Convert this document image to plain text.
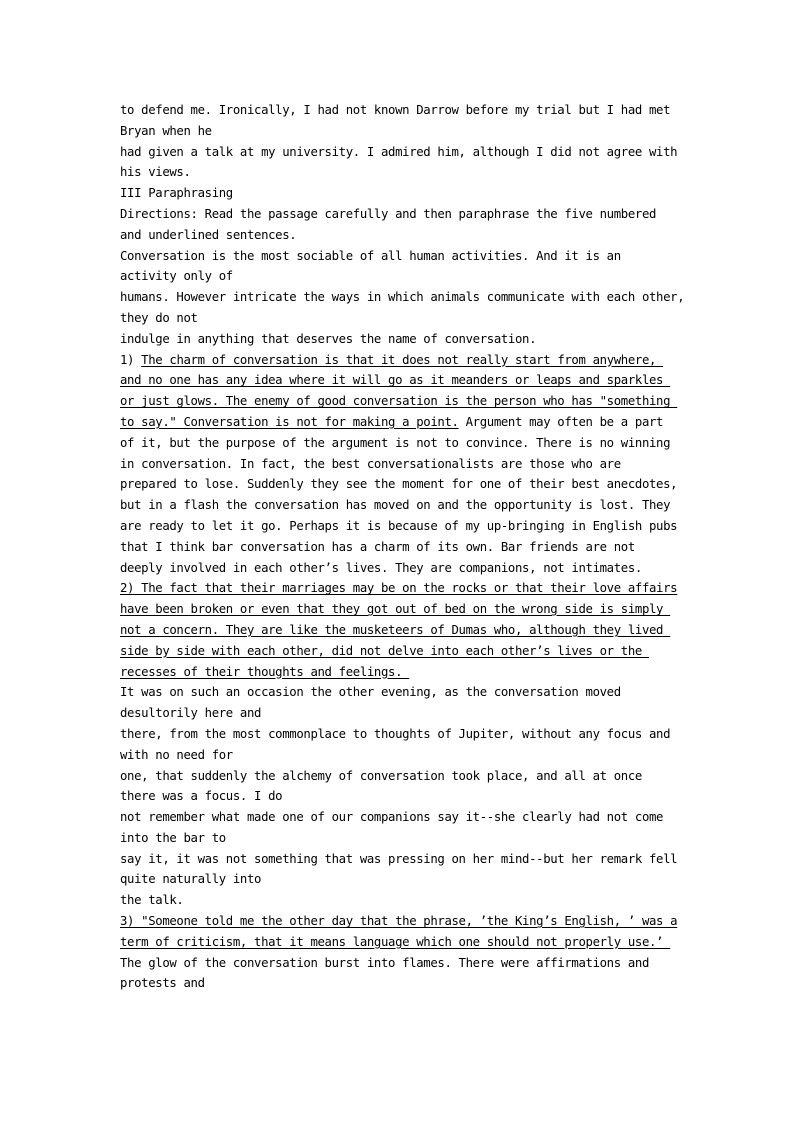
to defend me. Ironically, I had not known Darrow before my trial but I had met
Bryan when he
had given a talk at my university. I admired him, although I did not agree with
his views.
III Paraphrasing
Directions: Read the passage carefully and then paraphrase the five numbered
and underlined sentences.
Conversation is the most sociable of all human activities. And it is an
activity only of
humans. However intricate the ways in which animals communicate with each other,
they do not
indulge in anything that deserves the name of conversation.
1) The charm of conversation is that it does not really start from anywhere,
and no one has any idea where it will go as it meanders or leaps and sparkles
or just glows. The enemy of good conversation is the person who has "something
to say." Conversation is not for making a point. Argument may often be a part
of it, but the purpose of the argument is not to convince. There is no winning
in conversation. In fact, the best conversationalists are those who are
prepared to lose. Suddenly they see the moment for one of their best anecdotes,
but in a flash the conversation has moved on and the opportunity is lost. They
are ready to let it go. Perhaps it is because of my up-bringing in English pubs
that I think bar conversation has a charm of its own. Bar friends are not
deeply involved in each other’s lives. They are companions, not intimates.
2) The fact that their marriages may be on the rocks or that their love affairs
have been broken or even that they got out of bed on the wrong side is simply
not a concern. They are like the musketeers of Dumas who, although they lived
side by side with each other, did not delve into each other’s lives or the
recesses of their thoughts and feelings.
It was on such an occasion the other evening, as the conversation moved
desultorily here and
there, from the most commonplace to thoughts of Jupiter, without any focus and
with no need for
one, that suddenly the alchemy of conversation took place, and all at once
there was a focus. I do
not remember what made one of our companions say it--she clearly had not come
into the bar to
say it, it was not something that was pressing on her mind--but her remark fell
quite naturally into
the talk.
3) "Someone told me the other day that the phrase, ’the King’s English, ’ was a
term of criticism, that it means language which one should not properly use.’
The glow of the conversation burst into flames. There were affirmations and
protests and
